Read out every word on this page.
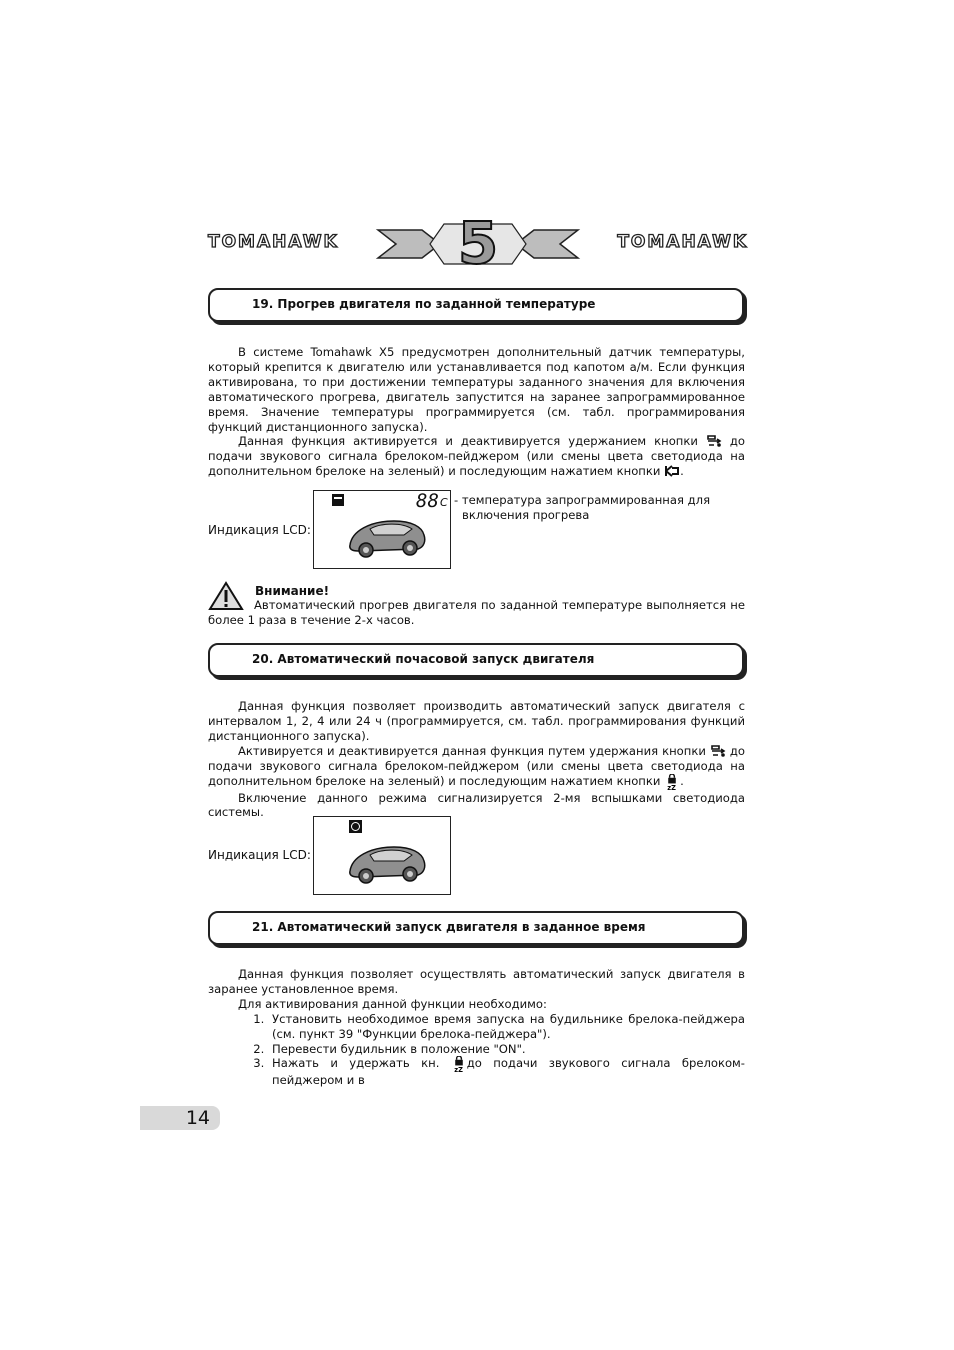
TOMAHAWK	TOMAHAWK
5
19. Прогрев двигателя по заданной температуре

В системе Tomahawk X5 предусмотрен дополнительный датчик температуры, который крепится к двигателю или устанавливается под капотом а/м. Если функция активирована, то при достижении температуры заданного значения для включения автоматического прогрева, двигатель запустится на заранее запрограммированное время. Значение температуры программируется (см. табл. программирования функций дистанционного запуска).

Данная функция активируется и деактивируется удержанием кнопки	до подачи звукового сигнала брелоком-пейджером (или смены цвета светодиода на дополнительном брелоке на зеленый) и последующим нажатием кнопки .

Индикация LCD:
88 C - температура запрограммированная для
включения прогрева
Внимание!
Автоматический прогрев двигателя по заданной температуре выполняется не более 1 раза в течение 2-х часов.
20. Автоматический почасовой запуск двигателя

Данная функция позволяет производить автоматический запуск двигателя с интервалом 1, 2, 4 или 24 ч (программируется, см. табл. программирования функций дистанционного запуска).

Активируется и деактивируется данная функция путем удержания кнопки до подачи звукового сигнала брелоком-пейджером (или смены цвета светодиода на дополнительном брелоке на зеленый) и последующим нажатием кнопки
zZ
.

Включение данного режима сигнализируется 2-мя вспышками светодиода системы.

Индикация LCD:
21. Автоматический запуск двигателя в заданное время

Данная функция позволяет осуществлять автоматический запуск двигателя в заранее установленное время.

Для активирования данной функции необходимо:

1. Установить необходимое время запуска на будильнике брелока-пейджера (см. пункт 39 "Функции брелока-пейджера").
2. Перевести будильник в положение "ON".
3. Нажать и удержать кн.
zZ
до подачи звукового сигнала брелоком-пейджером и в
14
